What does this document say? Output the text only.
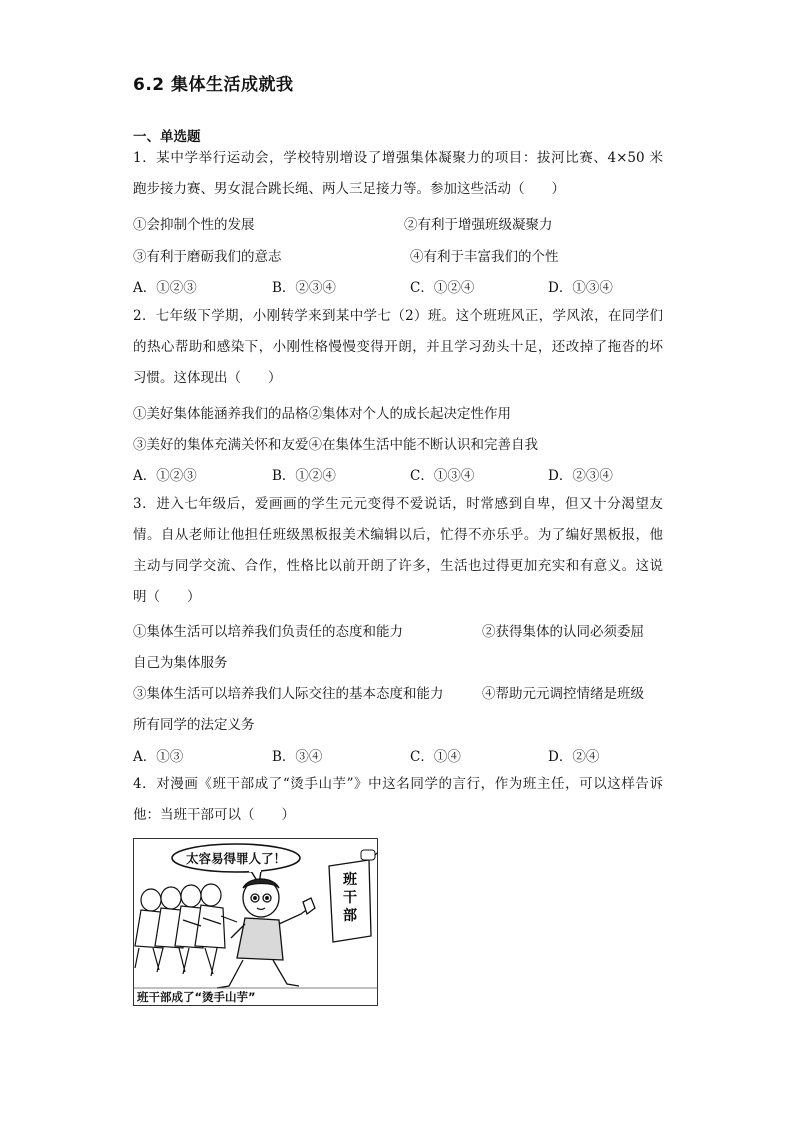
6.2 集体生活成就我
一、单选题
1．某中学举行运动会，学校特别增设了增强集体凝聚力的项目：拔河比赛、4×50 米
跑步接力赛、男女混合跳长绳、两人三足接力等。参加这些活动（　　）
①会抑制个性的发展	②有利于增强班级凝聚力
③有利于磨砺我们的意志	④有利于丰富我们的个性
A．①②③	B．②③④	C．①②④	D．①③④
2．七年级下学期，小刚转学来到某中学七（2）班。这个班班风正，学风浓，在同学们
的热心帮助和感染下，小刚性格慢慢变得开朗，并且学习劲头十足，还改掉了拖沓的坏
习惯。这体现出（　　）
①美好集体能涵养我们的品格②集体对个人的成长起决定性作用
③美好的集体充满关怀和友爱④在集体生活中能不断认识和完善自我
A．①②③	B．①②④	C．①③④	D．②③④
3．进入七年级后，爱画画的学生元元变得不爱说话，时常感到自卑，但又十分渴望友
情。自从老师让他担任班级黑板报美术编辑以后，忙得不亦乐乎。为了编好黑板报，他
主动与同学交流、合作，性格比以前开朗了许多，生活也过得更加充实和有意义。这说
明（　　）
①集体生活可以培养我们负责任的态度和能力	②获得集体的认同必须委屈
自己为集体服务
③集体生活可以培养我们人际交往的基本态度和能力	④帮助元元调控情绪是班级
所有同学的法定义务
A．①③	B．③④	C．①④	D．②④
4．对漫画《班干部成了“烫手山芋”》中这名同学的言行，作为班主任，可以这样告诉
他：当班干部可以（　　）
太容易得罪人了！
班
干
部
班干部成了“烫手山芋”
